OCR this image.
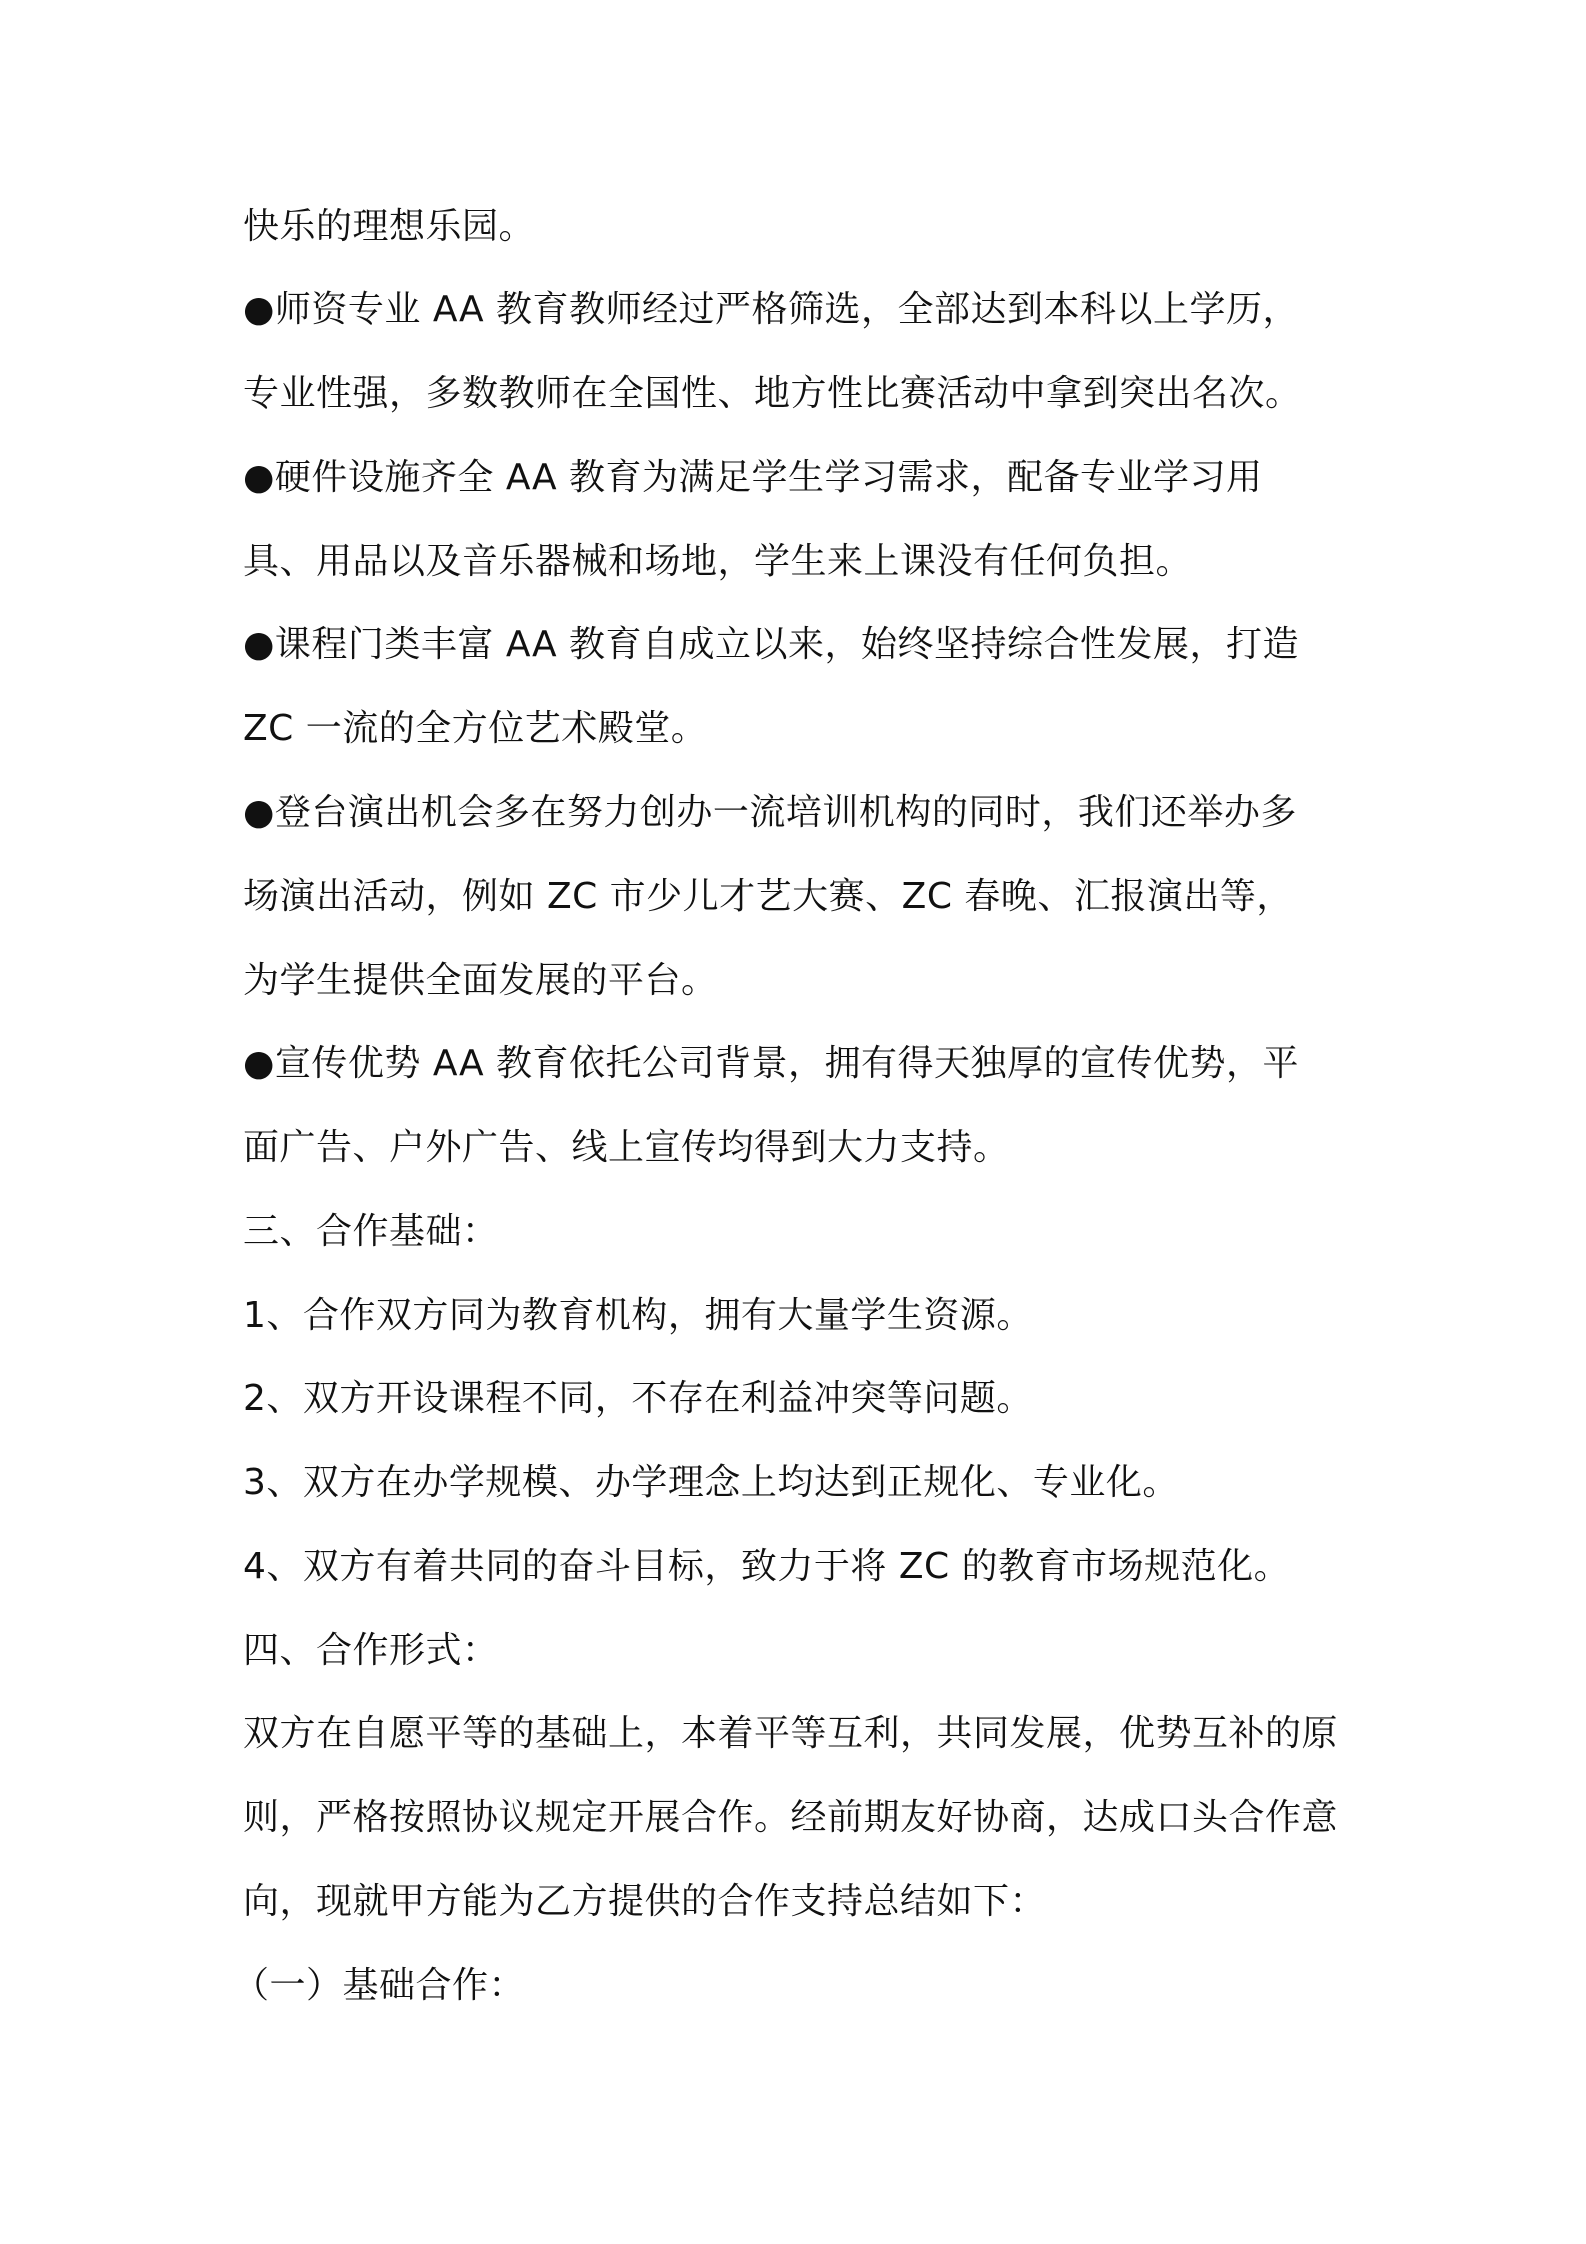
快乐的理想乐园。
●师资专业 AA 教育教师经过严格筛选，全部达到本科以上学历，
专业性强，多数教师在全国性、地方性比赛活动中拿到突出名次。
●硬件设施齐全 AA 教育为满足学生学习需求，配备专业学习用
具、用品以及音乐器械和场地，学生来上课没有任何负担。
●课程门类丰富 AA 教育自成立以来，始终坚持综合性发展，打造
ZC 一流的全方位艺术殿堂。
●登台演出机会多在努力创办一流培训机构的同时，我们还举办多
场演出活动，例如 ZC 市少儿才艺大赛、ZC 春晚、汇报演出等，
为学生提供全面发展的平台。
●宣传优势 AA 教育依托公司背景，拥有得天独厚的宣传优势，平
面广告、户外广告、线上宣传均得到大力支持。
三、合作基础：
1、合作双方同为教育机构，拥有大量学生资源。
2、双方开设课程不同，不存在利益冲突等问题。
3、双方在办学规模、办学理念上均达到正规化、专业化。
4、双方有着共同的奋斗目标，致力于将 ZC 的教育市场规范化。
四、合作形式：
双方在自愿平等的基础上，本着平等互利，共同发展，优势互补的原
则，严格按照协议规定开展合作。经前期友好协商，达成口头合作意
向，现就甲方能为乙方提供的合作支持总结如下：
（一）基础合作：
